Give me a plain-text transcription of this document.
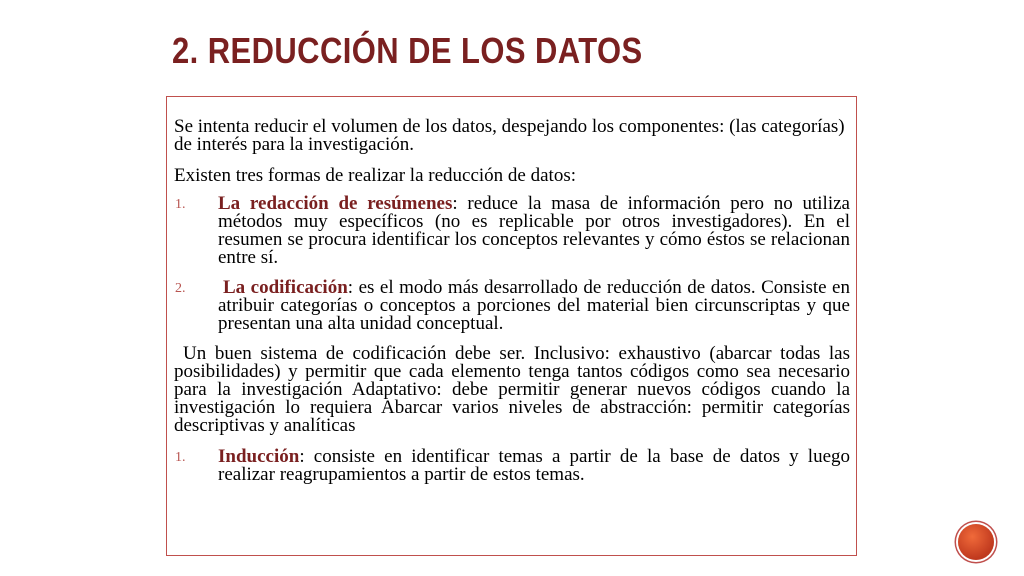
2. REDUCCIÓN DE LOS DATOS

Se intenta reducir el volumen de los datos, despejando los componentes: (las categorías) de interés para la investigación.

Existen tres formas de realizar la reducción de datos:

1. La redacción de resúmenes: reduce la masa de información pero no utiliza métodos muy específicos (no es replicable por otros investigadores). En el resumen se procura identificar los conceptos relevantes y cómo éstos se relacionan entre sí.
2. La codificación: es el modo más desarrollado de reducción de datos. Consiste en atribuir categorías o conceptos a porciones del material bien circunscriptas y que presentan una alta unidad conceptual.

Un buen sistema de codificación debe ser. Inclusivo: exhaustivo (abarcar todas las posibilidades) y permitir que cada elemento tenga tantos códigos como sea necesario para la investigación Adaptativo: debe permitir generar nuevos códigos cuando la investigación lo requiera Abarcar varios niveles de abstracción: permitir categorías descriptivas y analíticas

1. Inducción: consiste en identificar temas a partir de la base de datos y luego realizar reagrupamientos a partir de estos temas.
